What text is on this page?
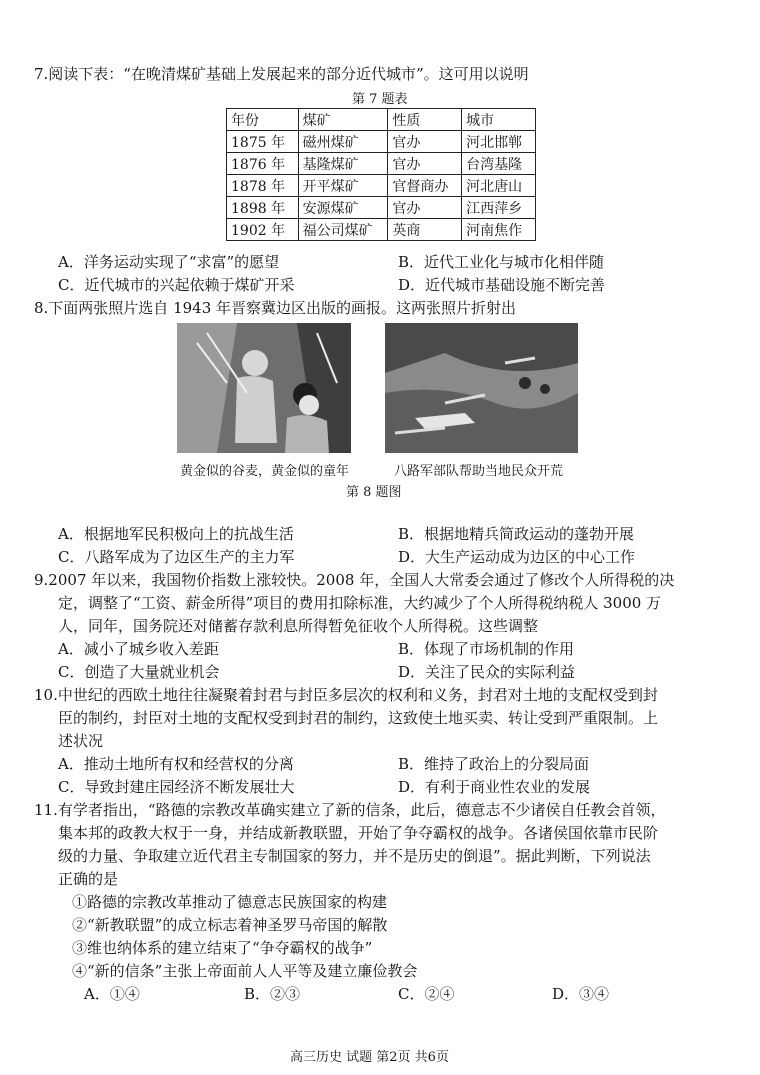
7.阅读下表：“在晚清煤矿基础上发展起来的部分近代城市”。这可用以说明
第 7 题表
年份	煤矿	性质	城市
1875 年	磁州煤矿	官办	河北邯郸
1876 年	基隆煤矿	官办	台湾基隆
1878 年	开平煤矿	官督商办	河北唐山
1898 年	安源煤矿	官办	江西萍乡
1902 年	福公司煤矿	英商	河南焦作
A．洋务运动实现了“求富”的愿望	B．近代工业化与城市化相伴随
C．近代城市的兴起依赖于煤矿开采	D．近代城市基础设施不断完善
8.下面两张照片选自 1943 年晋察冀边区出版的画报。这两张照片折射出
黄金似的谷麦，黄金似的童年	八路军部队帮助当地民众开荒
第 8 题图
A．根据地军民积极向上的抗战生活	B．根据地精兵简政运动的蓬勃开展
C．八路军成为了边区生产的主力军	D．大生产运动成为边区的中心工作
9.2007 年以来，我国物价指数上涨较快。2008 年，全国人大常委会通过了修改个人所得税的决
定，调整了“工资、薪金所得”项目的费用扣除标准，大约减少了个人所得税纳税人 3000 万
人，同年，国务院还对储蓄存款利息所得暂免征收个人所得税。这些调整
A．减小了城乡收入差距	B．体现了市场机制的作用
C．创造了大量就业机会	D．关注了民众的实际利益
10.中世纪的西欧土地往往凝聚着封君与封臣多层次的权利和义务，封君对土地的支配权受到封
臣的制约，封臣对土地的支配权受到封君的制约，这致使土地买卖、转让受到严重限制。上
述状况
A．推动土地所有权和经营权的分离	B．维持了政治上的分裂局面
C．导致封建庄园经济不断发展壮大	D．有利于商业性农业的发展
11.有学者指出，“路德的宗教改革确实建立了新的信条，此后，德意志不少诸侯自任教会首领，
集本邦的政教大权于一身，并结成新教联盟，开始了争夺霸权的战争。各诸侯国依靠市民阶
级的力量、争取建立近代君主专制国家的努力，并不是历史的倒退”。据此判断，下列说法
正确的是
①路德的宗教改革推动了德意志民族国家的构建
②“新教联盟”的成立标志着神圣罗马帝国的解散
③维也纳体系的建立结束了“争夺霸权的战争”
④“新的信条”主张上帝面前人人平等及建立廉俭教会
A．①④	B．②③	C．②④	D．③④
高三历史 试题 第2页 共6页
